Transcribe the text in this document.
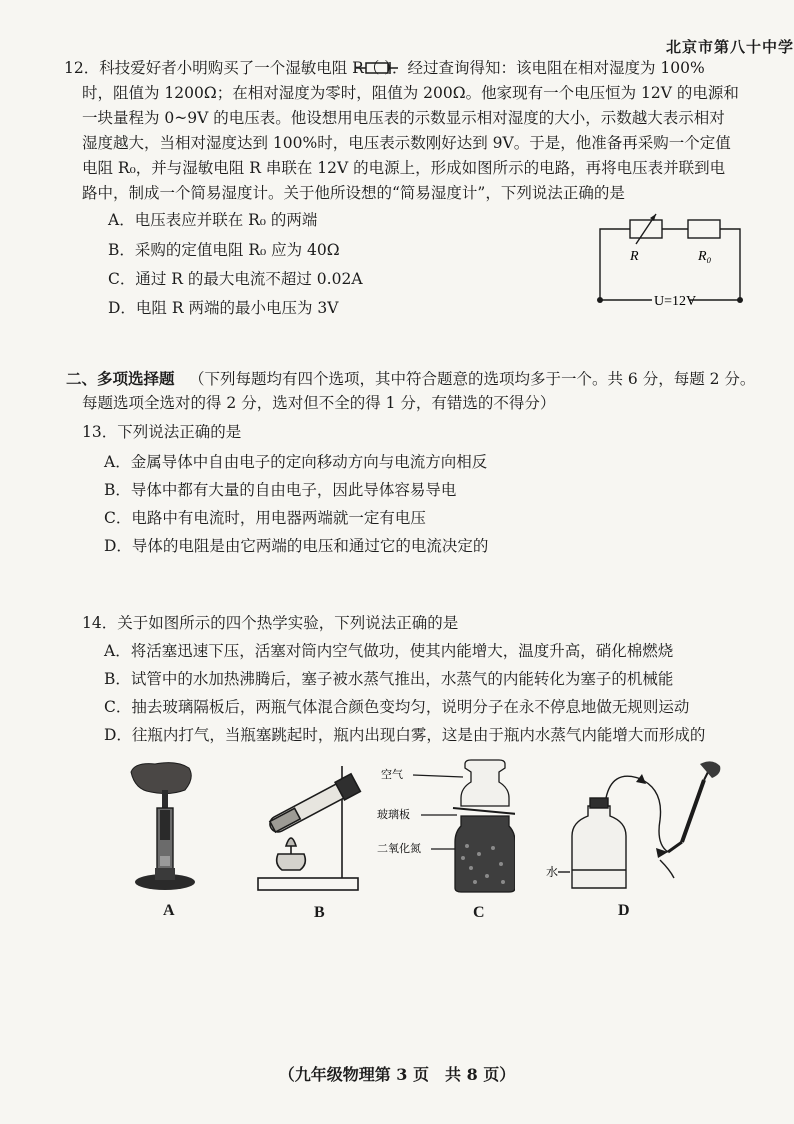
北京市第八十中学
12．科技爱好者小明购买了一个湿敏电阻 R（ ）．经过查询得知：该电阻在相对湿度为 100%
时，阻值为 1200Ω；在相对湿度为零时，阻值为 200Ω。他家现有一个电压恒为 12V 的电源和
一块量程为 0~9V 的电压表。他设想用电压表的示数显示相对湿度的大小，示数越大表示相对
湿度越大，当相对湿度达到 100%时，电压表示数刚好达到 9V。于是，他准备再采购一个定值
电阻 R₀，并与湿敏电阻 R 串联在 12V 的电源上，形成如图所示的电路，再将电压表并联到电
路中，制成一个简易湿度计。关于他所设想的“简易湿度计”，下列说法正确的是
A．电压表应并联在 R₀ 的两端
B．采购的定值电阻 R₀ 应为 40Ω
C．通过 R 的最大电流不超过 0.02A
D．电阻 R 两端的最小电压为 3V
R	R₀
U=12V
二、多项选择题 （下列每题均有四个选项，其中符合题意的选项均多于一个。共 6 分，每题 2 分。
每题选项全选对的得 2 分，选对但不全的得 1 分，有错选的不得分）
13．下列说法正确的是
A．金属导体中自由电子的定向移动方向与电流方向相反
B．导体中都有大量的自由电子，因此导体容易导电
C．电路中有电流时，用电器两端就一定有电压
D．导体的电阻是由它两端的电压和通过它的电流决定的
14．关于如图所示的四个热学实验，下列说法正确的是
A．将活塞迅速下压，活塞对筒内空气做功，使其内能增大，温度升高，硝化棉燃烧
B．试管中的水加热沸腾后，塞子被水蒸气推出，水蒸气的内能转化为塞子的机械能
C．抽去玻璃隔板后，两瓶气体混合颜色变均匀，说明分子在永不停息地做无规则运动
D．往瓶内打气，当瓶塞跳起时，瓶内出现白雾，这是由于瓶内水蒸气内能增大而形成的
空气
玻璃板
二氧化氮
水
A	B	C	D
（九年级物理第 3 页　共 8 页）
